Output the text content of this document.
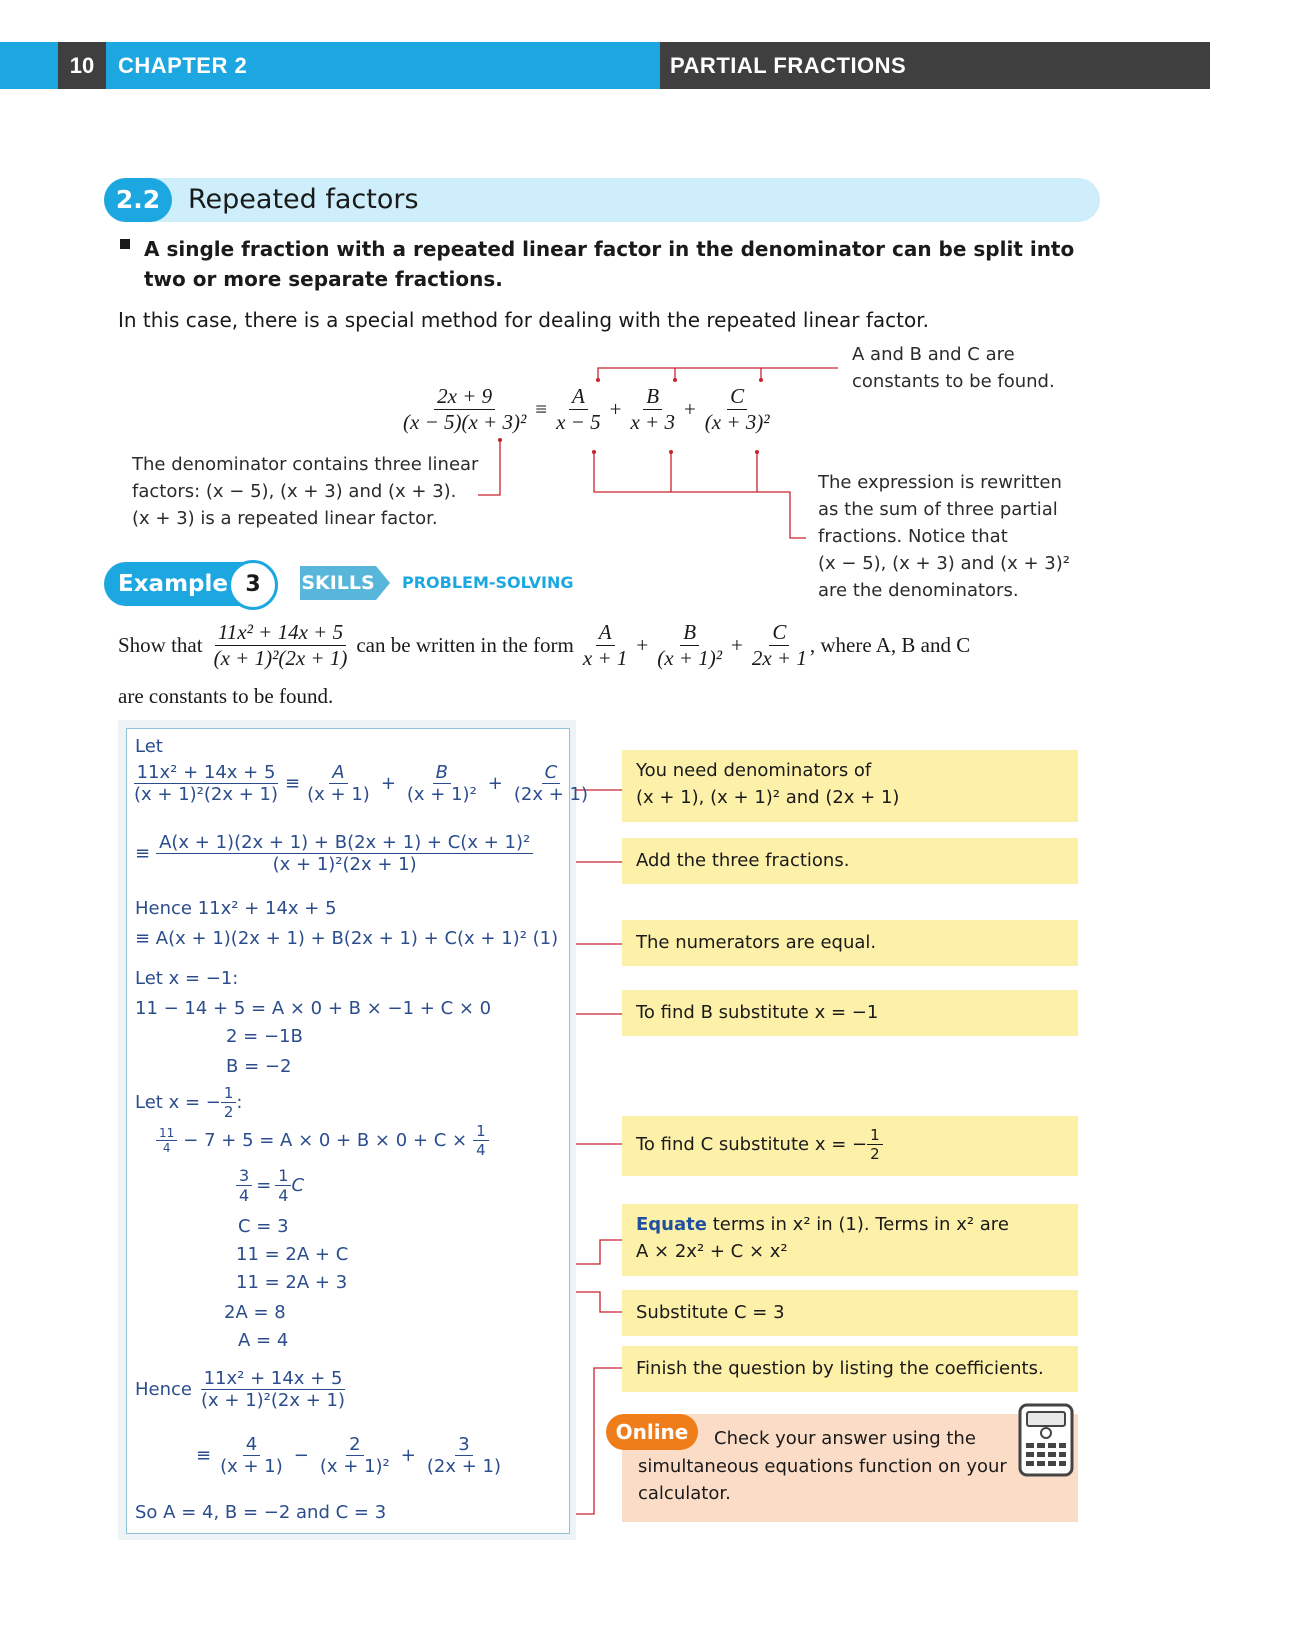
10	CHAPTER 2	PARTIAL FRACTIONS
2.2	Repeated factors
A single fraction with a repeated linear factor in the denominator can be split into two or more separate fractions.
In this case, there is a special method for dealing with the repeated linear factor.
$\frac{2x + 9}{\text{(x − 5)(x + 3)²}} \equiv \frac{A}{x - 5} + \frac{B}{x + 3} + \frac{C}{\text{(x + 3)²}}$
A and B and C are
constants to be found.
The denominator contains three linear
factors: (x − 5), (x + 3) and (x + 3).
(x + 3) is a repeated linear factor.
The expression is rewritten
as the sum of three partial
fractions. Notice that
(x − 5), (x + 3) and (x + 3)²
are the denominators.
Example 3	SKILLS PROBLEM-SOLVING
Show that $\frac{\text{11x² + 14x + 5}}{\text{(x + 1)²(2x + 1)}}$ can be written in the form $\frac{A}{x + 1} + \frac{B}{\text{(x + 1)²}} + \frac{C}{2x + 1}$ , where A, B and C
are constants to be found.
Let
$\frac{\text{11x² + 14x + 5}}{\text{(x + 1)²(2x + 1)}} \equiv \frac{A}{(x + 1)} + \frac{B}{\text{(x + 1)²}} + \frac{C}{(2x + 1)}$
≡ $\frac{\text{A(x + 1)(2x + 1) + B(2x + 1) + C(x + 1)²}}{\text{(x + 1)²(2x + 1)}}$
Hence 11x² + 14x + 5
≡ A(x + 1)(2x + 1) + B(2x + 1) + C(x + 1)² (1)
Let x = −1:
11 − 14 + 5 = A × 0 + B × −1 + C × 0
2 = −1B
B = −2
Let x = − $\frac{1}{2}$ :
$\frac{11}{4} - 7 + 5 = A \times 0 + B \times 0 + C \times \frac{1}{4}$
$\frac{3}{4} = \frac{1}{4}$ C
C = 3
11 = 2A + C
11 = 2A + 3
2A = 8
A = 4
Hence $\frac{\text{11x² + 14x + 5}}{\text{(x + 1)²(2x + 1)}}$
≡ $\frac{4}{(x + 1)} - \frac{2}{\text{(x + 1)²}} + \frac{3}{(2x + 1)}$
So A = 4, B = −2 and C = 3
You need denominators of
(x + 1), (x + 1)² and (2x + 1)
Add the three fractions.
The numerators are equal.
To find B substitute x = −1
To find C substitute x = − $\frac{1}{2}$
Equate terms in x² in (1). Terms in x² are
A × 2x² + C × x²
Substitute C = 3
Finish the question by listing the coefficients.
Check your answer using the
simultaneous equations function on your
calculator.
Online
